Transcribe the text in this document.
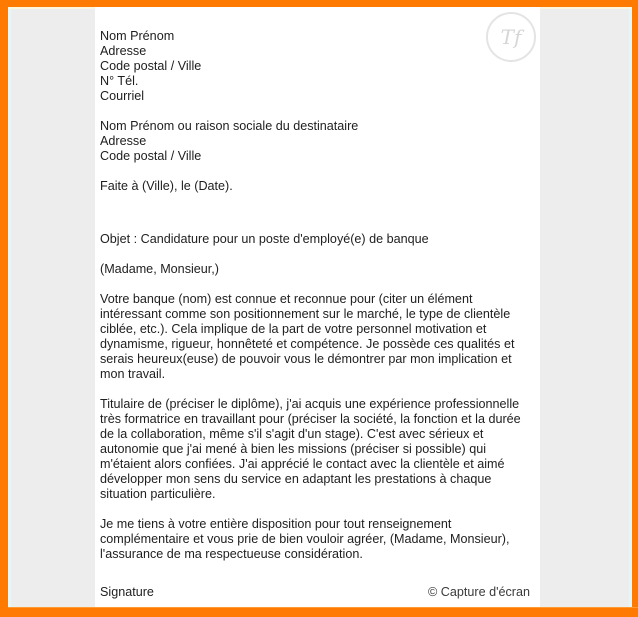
Tf
Nom Prénom
Adresse
Code postal / Ville
N° Tél.
Courriel
Nom Prénom ou raison sociale du destinataire
Adresse
Code postal / Ville
Faite à (Ville), le (Date).
Objet : Candidature pour un poste d'employé(e) de banque
(Madame, Monsieur,)
Votre banque (nom) est connue et reconnue pour (citer un élément
intéressant comme son positionnement sur le marché, le type de clientèle
ciblée, etc.). Cela implique de la part de votre personnel motivation et
dynamisme, rigueur, honnêteté et compétence. Je possède ces qualités et
serais heureux(euse) de pouvoir vous le démontrer par mon implication et
mon travail.
Titulaire de (préciser le diplôme), j'ai acquis une expérience professionnelle
très formatrice en travaillant pour (préciser la société, la fonction et la durée
de la collaboration, même s'il s'agit d'un stage). C'est avec sérieux et
autonomie que j'ai mené à bien les missions (préciser si possible) qui
m'étaient alors confiées. J'ai apprécié le contact avec la clientèle et aimé
développer mon sens du service en adaptant les prestations à chaque
situation particulière.
Je me tiens à votre entière disposition pour tout renseignement
complémentaire et vous prie de bien vouloir agréer, (Madame, Monsieur),
l'assurance de ma respectueuse considération.
Signature	© Capture d'écran
